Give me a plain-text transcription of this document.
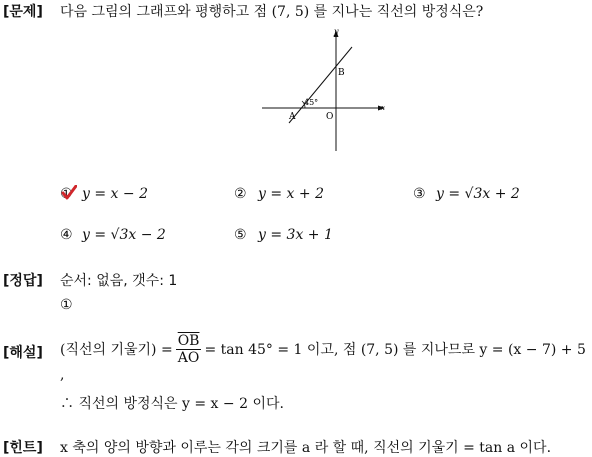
[문제] 다음 그림의 그래프와 평행하고 점 (7, 5) 를 지나는 직선의 방정식은?
y
x
45°
B
A	O
① y = x − 2	② y = x + 2	③ y = √3x + 2
④ y = √3x − 2	⑤ y = 3x + 1
[정답] 순서: 없음, 갯수: 1
①
[해설] (직선의 기울기) = $\frac{\overline{OB}}{AO} = \tan 45^\circ = 1$ 이고, 점 (7, 5) 를 지나므로 y = (x − 7) + 5
,
∴ 직선의 방정식은 y = x − 2 이다.
[힌트] x 축의 양의 방향과 이루는 각의 크기를 a 라 할 때, 직선의 기울기 = tan a 이다.
